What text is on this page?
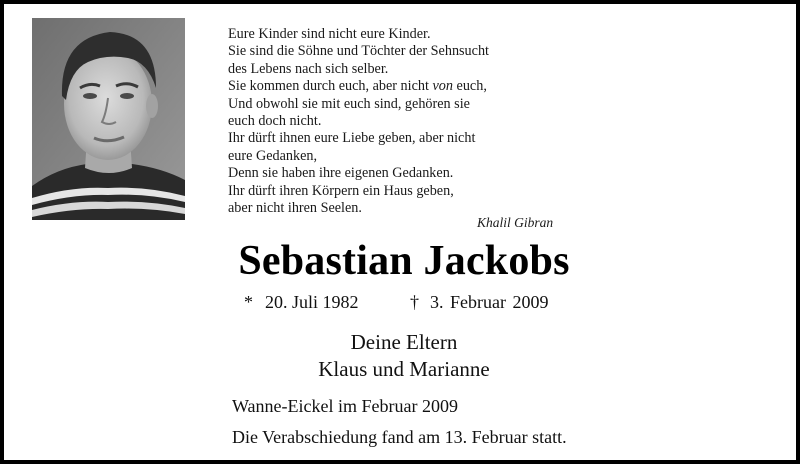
Eure Kinder sind nicht eure Kinder.
Sie sind die Söhne und Töchter der Sehnsucht
des Lebens nach sich selber.
Sie kommen durch euch, aber nicht von euch,
Und obwohl sie mit euch sind, gehören sie
euch doch nicht.
Ihr dürft ihnen eure Liebe geben, aber nicht
eure Gedanken,
Denn sie haben ihre eigenen Gedanken.
Ihr dürft ihren Körpern ein Haus geben,
aber nicht ihren Seelen.
Khalil Gibran
Sebastian Jackobs
* 20. Juli 1982	† 3. Februar 2009
Deine Eltern
Klaus und Marianne
Wanne-Eickel im Februar 2009
Die Verabschiedung fand am 13. Februar statt.
